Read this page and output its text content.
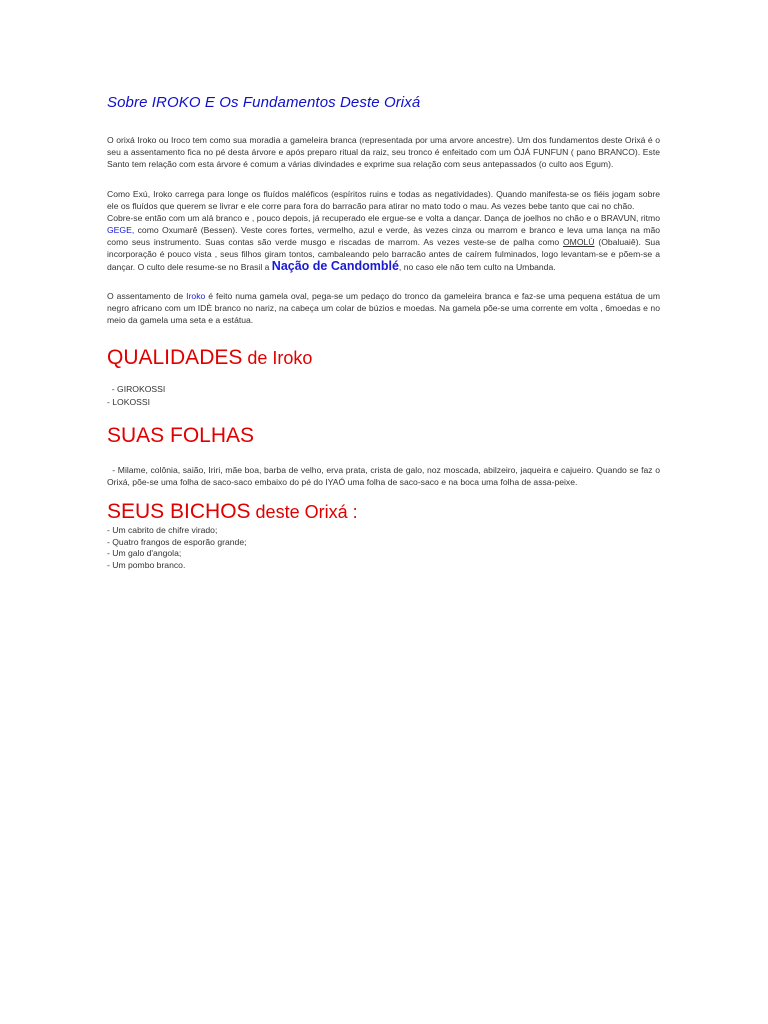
Sobre IROKO E Os Fundamentos Deste Orixá

O orixá Iroko ou Iroco tem como sua moradia a gameleira branca (representada por uma arvore ancestre). Um dos fundamentos deste Orixá é o seu a assentamento fica no pé desta árvore e após preparo ritual da raiz, seu tronco é enfeitado com um ÓJÁ FUNFUN ( pano BRANCO). Este Santo tem relação com esta árvore é comum a várias divindades e exprime sua relação com seus antepassados (o culto aos Egum).

Como Exú, Iroko carrega para longe os fluídos maléficos (espíritos ruins e todas as negatividades). Quando manifesta-se os fiéis jogam sobre ele os fluídos que querem se livrar e ele corre para fora do barracão para atirar no mato todo o mau. As vezes bebe tanto que cai no chão.
Cobre-se então com um alá branco e , pouco depois, já recuperado ele ergue-se e volta a dançar. Dança de joelhos no chão e o BRAVUN, ritmo GEGE, como Oxumarê (Bessen). Veste cores fortes, vermelho, azul e verde, às vezes cinza ou marrom e branco e leva uma lança na mão como seus instrumento. Suas contas são verde musgo e riscadas de marrom. As vezes veste-se de palha como OMOLÚ (Obaluaiê). Sua incorporação é pouco vista , seus filhos giram tontos, cambaleando pelo barracão antes de caírem fulminados, logo levantam-se e põem-se a dançar. O culto dele resume-se no Brasil a Nação de Candomblé, no caso ele não tem culto na Umbanda.

O assentamento de Iroko é feito numa gamela oval, pega-se um pedaço do tronco da gameleira branca e faz-se uma pequena estátua de um negro africano com um IDÈ branco no nariz, na cabeça um colar de búzios e moedas. Na gamela põe-se uma corrente em volta , 6moedas e no meio da gamela uma seta e a estátua.

QUALIDADES de Iroko
- GIROKOSSI
- LOKOSSI
SUAS FOLHAS

- Milame, colônia, saião, Iriri, mãe boa, barba de velho, erva prata, crista de galo, noz moscada, abilzeiro, jaqueira e cajueiro. Quando se faz o Orixá, põe-se uma folha de saco-saco embaixo do pé do IYAÓ uma folha de saco-saco e na boca uma folha de assa-peixe.

SEUS BICHOS deste Orixá :
- Um cabrito de chifre virado;
- Quatro frangos de esporão grande;
- Um galo d'angola;
- Um pombo branco.
